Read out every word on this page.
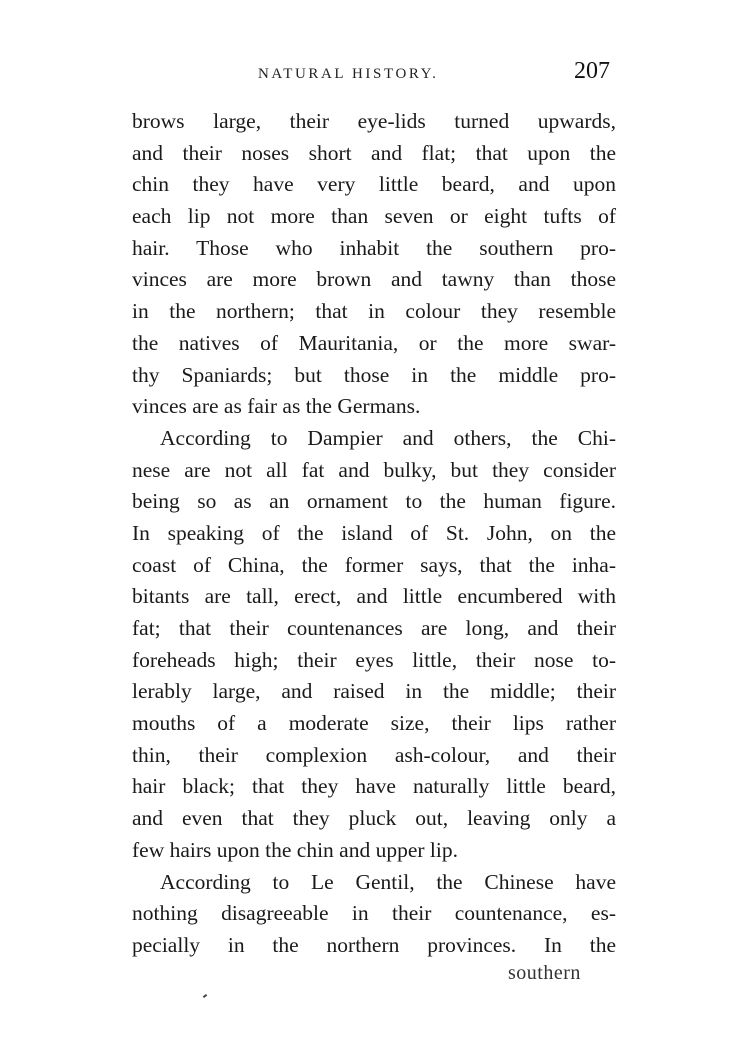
NATURAL HISTORY.	207
brows large, their eye-lids turned upwards,
and their noses short and flat; that upon the
chin they have very little beard, and upon
each lip not more than seven or eight tufts of
hair. Those who inhabit the southern pro-
vinces are more brown and tawny than those
in the northern; that in colour they resemble
the natives of Mauritania, or the more swar-
thy Spaniards; but those in the middle pro-
vinces are as fair as the Germans.
According to Dampier and others, the Chi-
nese are not all fat and bulky, but they consider
being so as an ornament to the human figure.
In speaking of the island of St. John, on the
coast of China, the former says, that the inha-
bitants are tall, erect, and little encumbered with
fat; that their countenances are long, and their
foreheads high; their eyes little, their nose to-
lerably large, and raised in the middle; their
mouths of a moderate size, their lips rather
thin, their complexion ash-colour, and their
hair black; that they have naturally little beard,
and even that they pluck out, leaving only a
few hairs upon the chin and upper lip.
According to Le Gentil, the Chinese have
nothing disagreeable in their countenance, es-
pecially in the northern provinces. In the
southern
